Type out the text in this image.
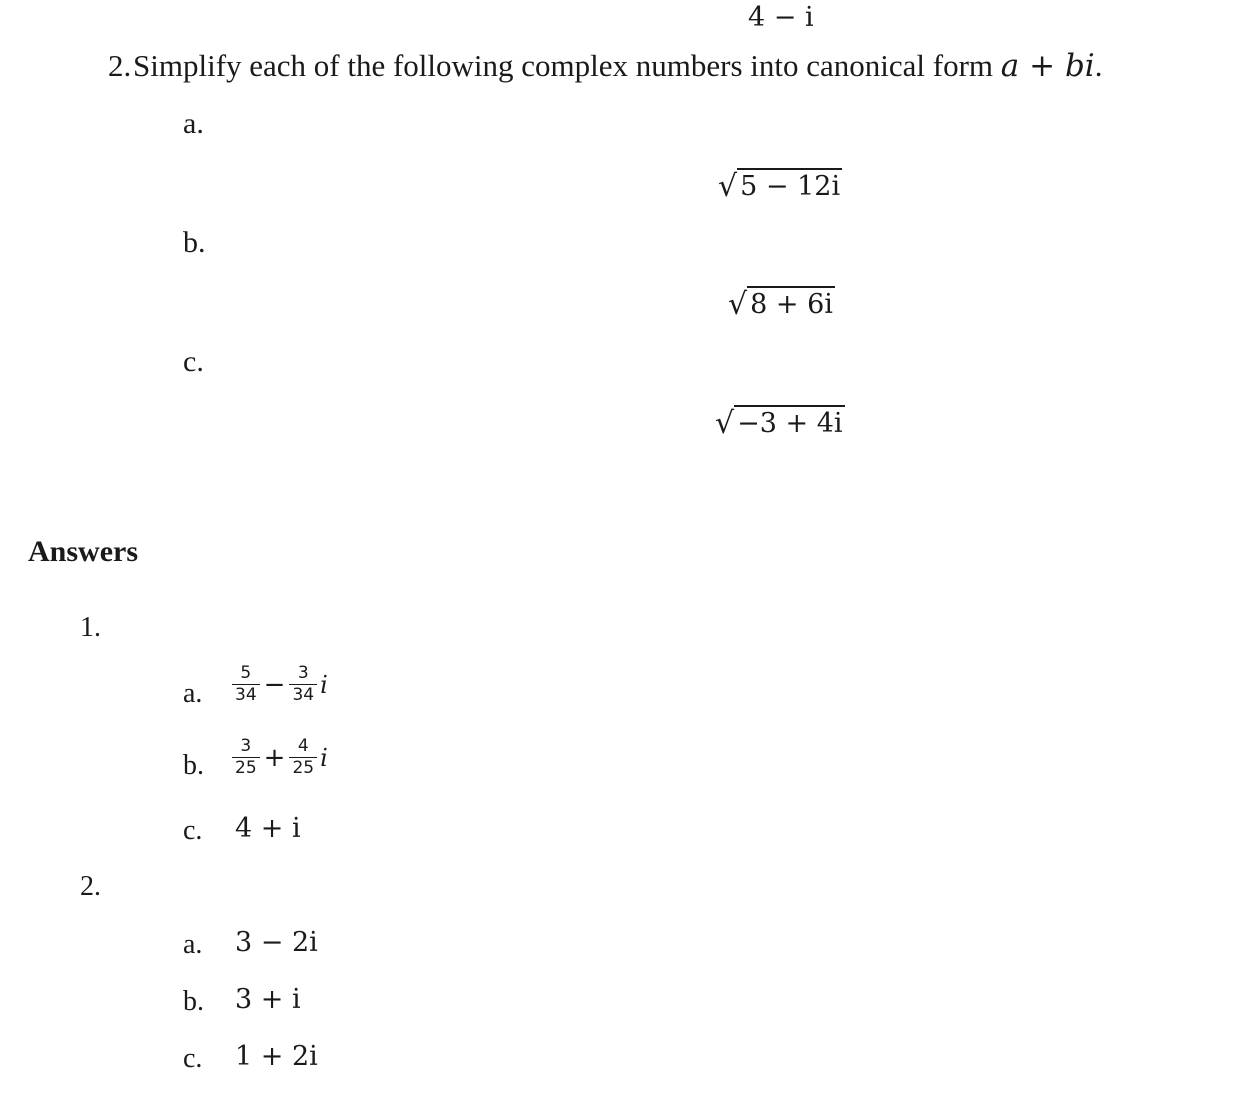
4 − i
2. Simplify each of the following complex numbers into canonical form a + bi.
a.
√ 5 − 12i
b.
√ 8 + 6i
c.
√ −3 + 4i
Answers
1.
a. $\frac{5}{34} - \frac{3}{34}$ i
b. $\frac{3}{25} + \frac{4}{25}$ i
c. 4 + i
2.
a. 3 − 2i
b. 3 + i
c. 1 + 2i
